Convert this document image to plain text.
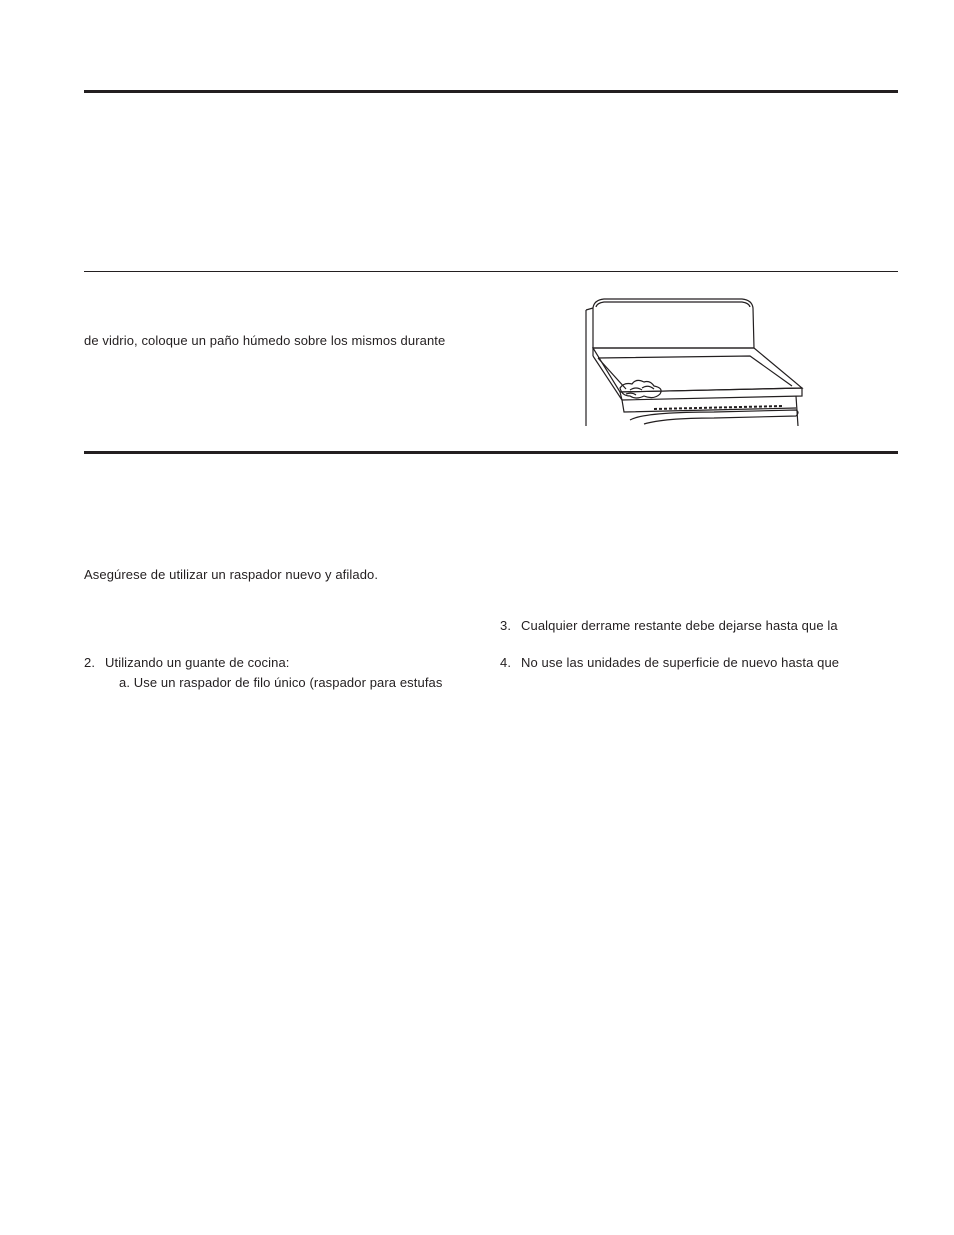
de vidrio, coloque un paño húmedo sobre los mismos durante
Asegúrese de utilizar un raspador nuevo y afilado.
2. Utilizando un guante de cocina:
a. Use un raspador de filo único (raspador para estufas
3. Cualquier derrame restante debe dejarse hasta que la
4. No use las unidades de superficie de nuevo hasta que
